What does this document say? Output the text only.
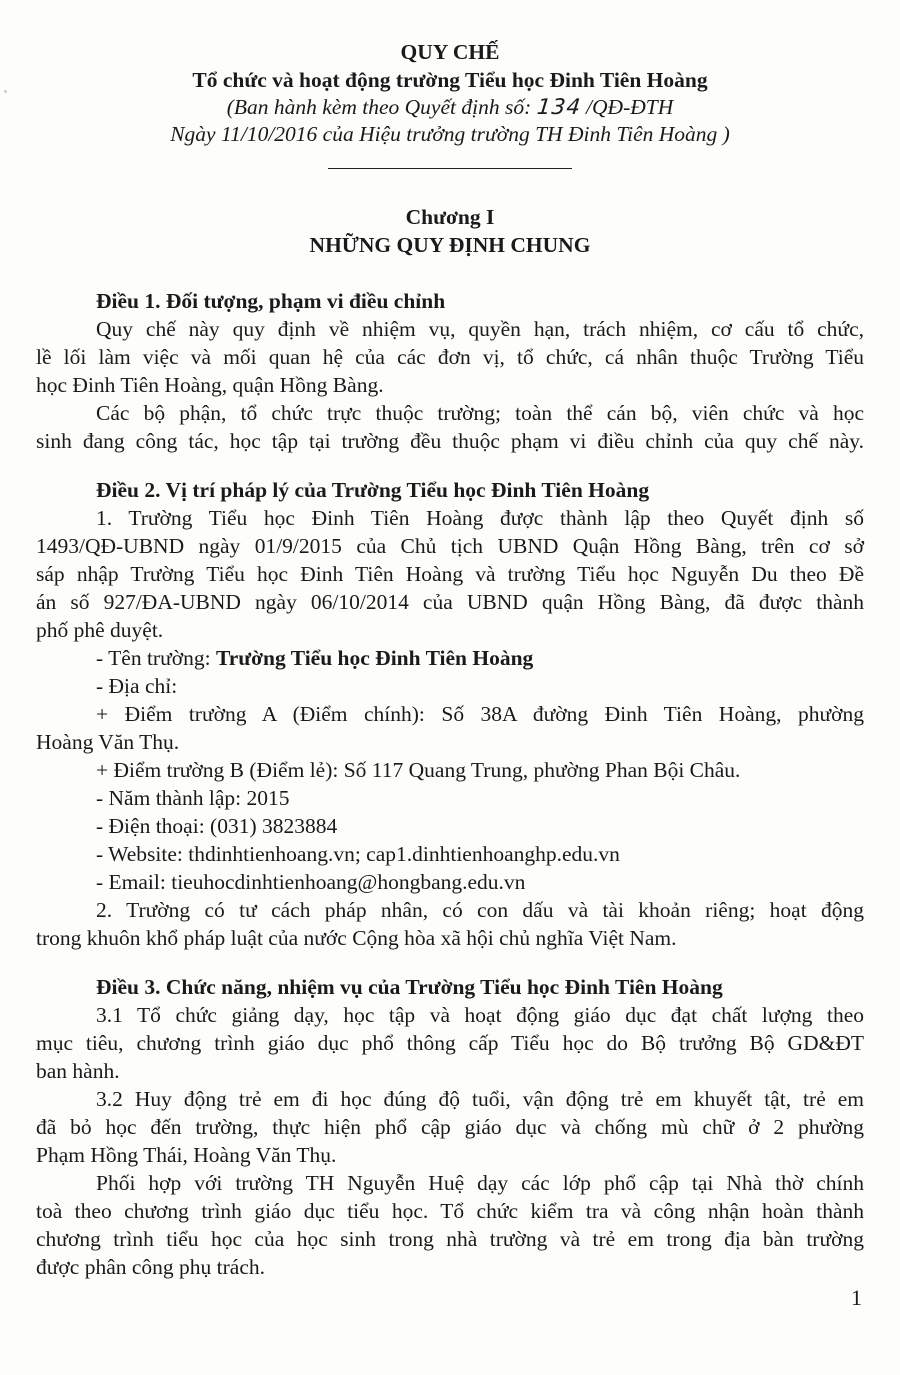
QUY CHẾ
Tổ chức và hoạt động trường Tiểu học Đinh Tiên Hoàng
(Ban hành kèm theo Quyết định số: 134 /QĐ-ĐTH
Ngày 11/10/2016 của Hiệu trưởng trường TH Đinh Tiên Hoàng )
Chương I
NHỮNG QUY ĐỊNH CHUNG
Điều 1. Đối tượng, phạm vi điều chỉnh
Quy chế này quy định về nhiệm vụ, quyền hạn, trách nhiệm, cơ cấu tổ chức,
lề lối làm việc và mối quan hệ của các đơn vị, tổ chức, cá nhân thuộc Trường Tiểu
học Đinh Tiên Hoàng, quận Hồng Bàng.
Các bộ phận, tổ chức trực thuộc trường; toàn thể cán bộ, viên chức và học
sinh đang công tác, học tập tại trường đều thuộc phạm vi điều chỉnh của quy chế này.
Điều 2. Vị trí pháp lý của Trường Tiểu học Đinh Tiên Hoàng
1. Trường Tiểu học Đinh Tiên Hoàng được thành lập theo Quyết định số
1493/QĐ-UBND ngày 01/9/2015 của Chủ tịch UBND Quận Hồng Bàng, trên cơ sở
sáp nhập Trường Tiểu học Đinh Tiên Hoàng và trường Tiểu học Nguyễn Du theo Đề
án số 927/ĐA-UBND ngày 06/10/2014 của UBND quận Hồng Bàng, đã được thành
phố phê duyệt.
- Tên trường: Trường Tiểu học Đinh Tiên Hoàng
- Địa chỉ:
+ Điểm trường A (Điểm chính): Số 38A đường Đinh Tiên Hoàng, phường
Hoàng Văn Thụ.
+ Điểm trường B (Điểm lẻ): Số 117 Quang Trung, phường Phan Bội Châu.
- Năm thành lập: 2015
- Điện thoại: (031) 3823884
- Website: thdinhtienhoang.vn; cap1.dinhtienhoanghp.edu.vn
- Email: tieuhocdinhtienhoang@hongbang.edu.vn
2. Trường có tư cách pháp nhân, có con dấu và tài khoản riêng; hoạt động
trong khuôn khổ pháp luật của nước Cộng hòa xã hội chủ nghĩa Việt Nam.
Điều 3. Chức năng, nhiệm vụ của Trường Tiểu học Đinh Tiên Hoàng
3.1 Tổ chức giảng dạy, học tập và hoạt động giáo dục đạt chất lượng theo
mục tiêu, chương trình giáo dục phổ thông cấp Tiểu học do Bộ trưởng Bộ GD&ĐT
ban hành.
3.2 Huy động trẻ em đi học đúng độ tuổi, vận động trẻ em khuyết tật, trẻ em
đã bỏ học đến trường, thực hiện phổ cập giáo dục và chống mù chữ ở 2 phường
Phạm Hồng Thái, Hoàng Văn Thụ.
Phối hợp với trường TH Nguyễn Huệ dạy các lớp phổ cập tại Nhà thờ chính
toà theo chương trình giáo dục tiểu học. Tổ chức kiểm tra và công nhận hoàn thành
chương trình tiểu học của học sinh trong nhà trường và trẻ em trong địa bàn trường
được phân công phụ trách.
1
